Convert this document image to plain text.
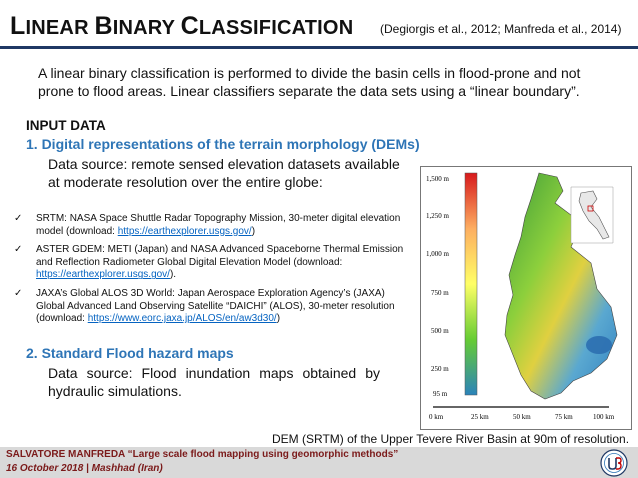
LINEAR BINARY CLASSIFICATION (Degiorgis et al., 2012; Manfreda et al., 2014)
A linear binary classification is performed to divide the basin cells in flood-prone and not prone to flood areas. Linear classifiers separate the data sets using a “linear boundary”.
INPUT DATA
1. Digital representations of the terrain morphology (DEMs)
Data source: remote sensed elevation datasets available at moderate resolution over the entire globe:
✓ SRTM: NASA Space Shuttle Radar Topography Mission, 30-meter digital elevation model (download: https://earthexplorer.usgs.gov/)
✓ ASTER GDEM: METI (Japan) and NASA Advanced Spaceborne Thermal Emission and Reflection Radiometer Global Digital Elevation Model (download: https://earthexplorer.usgs.gov/).
✓ JAXA’s Global ALOS 3D World: Japan Aerospace Exploration Agency’s (JAXA) Global Advanced Land Observing Satellite “DAICHI” (ALOS), 30-meter resolution (download: https://www.eorc.jaxa.jp/ALOS/en/aw3d30/)
2. Standard Flood hazard maps
Data source: Flood inundation maps obtained by hydraulic simulations.
1,500 m
1,250 m
1,000 m
750 m
500 m
250 m
95 m
0 km	25 km	50 km	75 km	100 km
DEM (SRTM) of the Upper Tevere River Basin at 90m of resolution.
SALVATORE MANFREDA “Large scale flood mapping using geomorphic methods”
16 October 2018 | Mashhad (Iran)
